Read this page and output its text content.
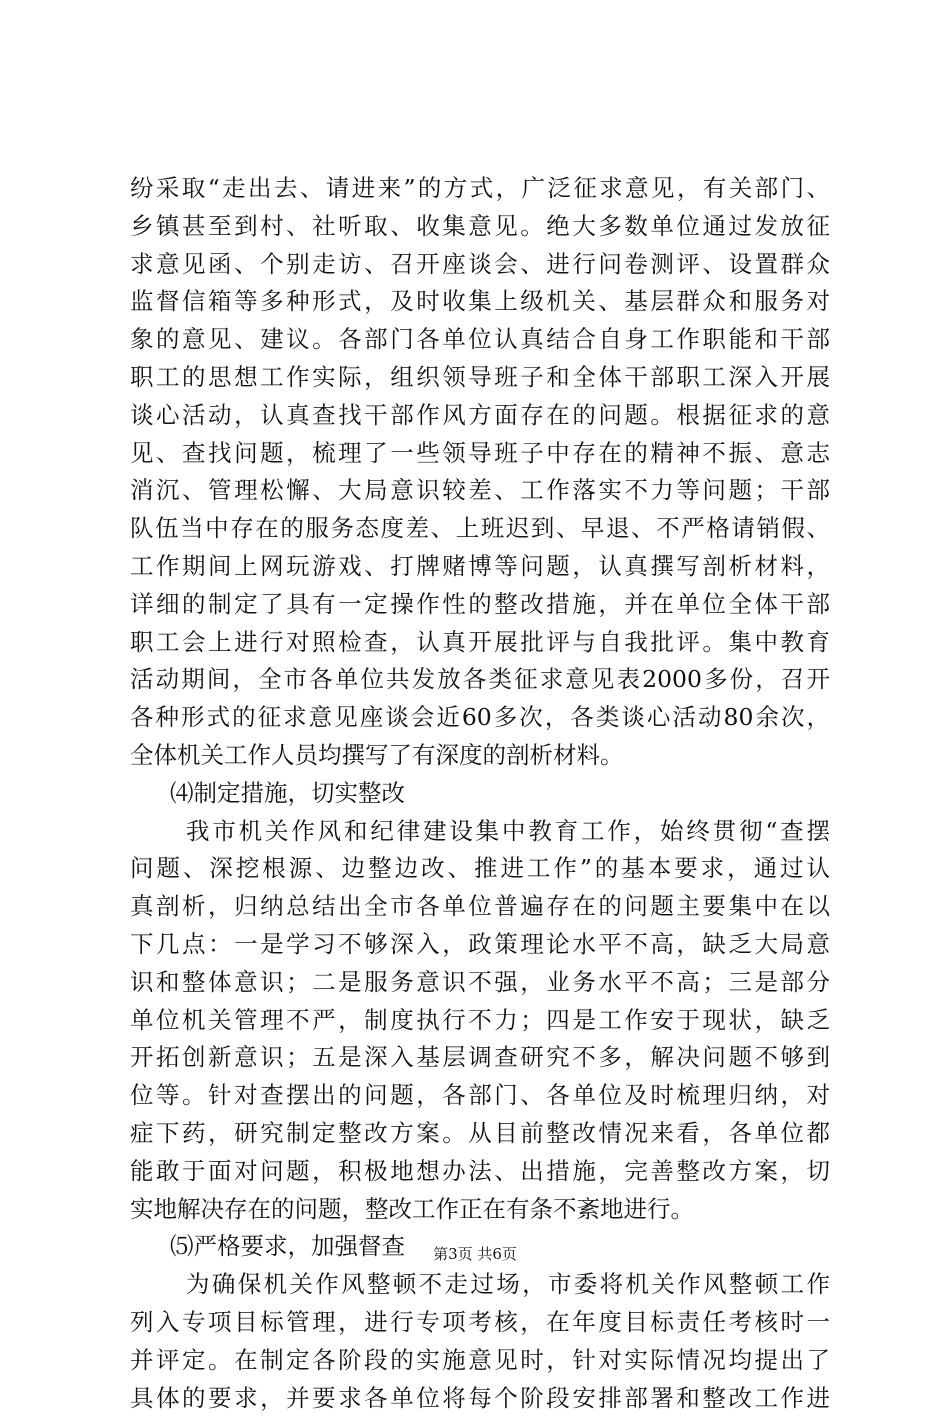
纷采取“走出去、请进来”的方式，广泛征求意见，有关部门、
乡镇甚至到村、社听取、收集意见。绝大多数单位通过发放征
求意见函、个别走访、召开座谈会、进行问卷测评、设置群众
监督信箱等多种形式，及时收集上级机关、基层群众和服务对
象的意见、建议。各部门各单位认真结合自身工作职能和干部
职工的思想工作实际，组织领导班子和全体干部职工深入开展
谈心活动，认真查找干部作风方面存在的问题。根据征求的意
见、查找问题，梳理了一些领导班子中存在的精神不振、意志
消沉、管理松懈、大局意识较差、工作落实不力等问题；干部
队伍当中存在的服务态度差、上班迟到、早退、不严格请销假、
工作期间上网玩游戏、打牌赌博等问题，认真撰写剖析材料，
详细的制定了具有一定操作性的整改措施，并在单位全体干部
职工会上进行对照检查，认真开展批评与自我批评。集中教育
活动期间，全市各单位共发放各类征求意见表2000多份，召开
各种形式的征求意见座谈会近60多次，各类谈心活动80余次，
全体机关工作人员均撰写了有深度的剖析材料。
⑷制定措施，切实整改
我市机关作风和纪律建设集中教育工作，始终贯彻“查摆
问题、深挖根源、边整边改、推进工作”的基本要求，通过认
真剖析，归纳总结出全市各单位普遍存在的问题主要集中在以
下几点：一是学习不够深入，政策理论水平不高，缺乏大局意
识和整体意识；二是服务意识不强，业务水平不高；三是部分
单位机关管理不严，制度执行不力；四是工作安于现状，缺乏
开拓创新意识；五是深入基层调查研究不多，解决问题不够到
位等。针对查摆出的问题，各部门、各单位及时梳理归纳，对
症下药，研究制定整改方案。从目前整改情况来看，各单位都
能敢于面对问题，积极地想办法、出措施，完善整改方案，切
实地解决存在的问题，整改工作正在有条不紊地进行。
⑸严格要求，加强督查
为确保机关作风整顿不走过场，市委将机关作风整顿工作
列入专项目标管理，进行专项考核，在年度目标责任考核时一
并评定。在制定各阶段的实施意见时，针对实际情况均提出了
具体的要求，并要求各单位将每个阶段安排部署和整改工作进
第3页 共6页
